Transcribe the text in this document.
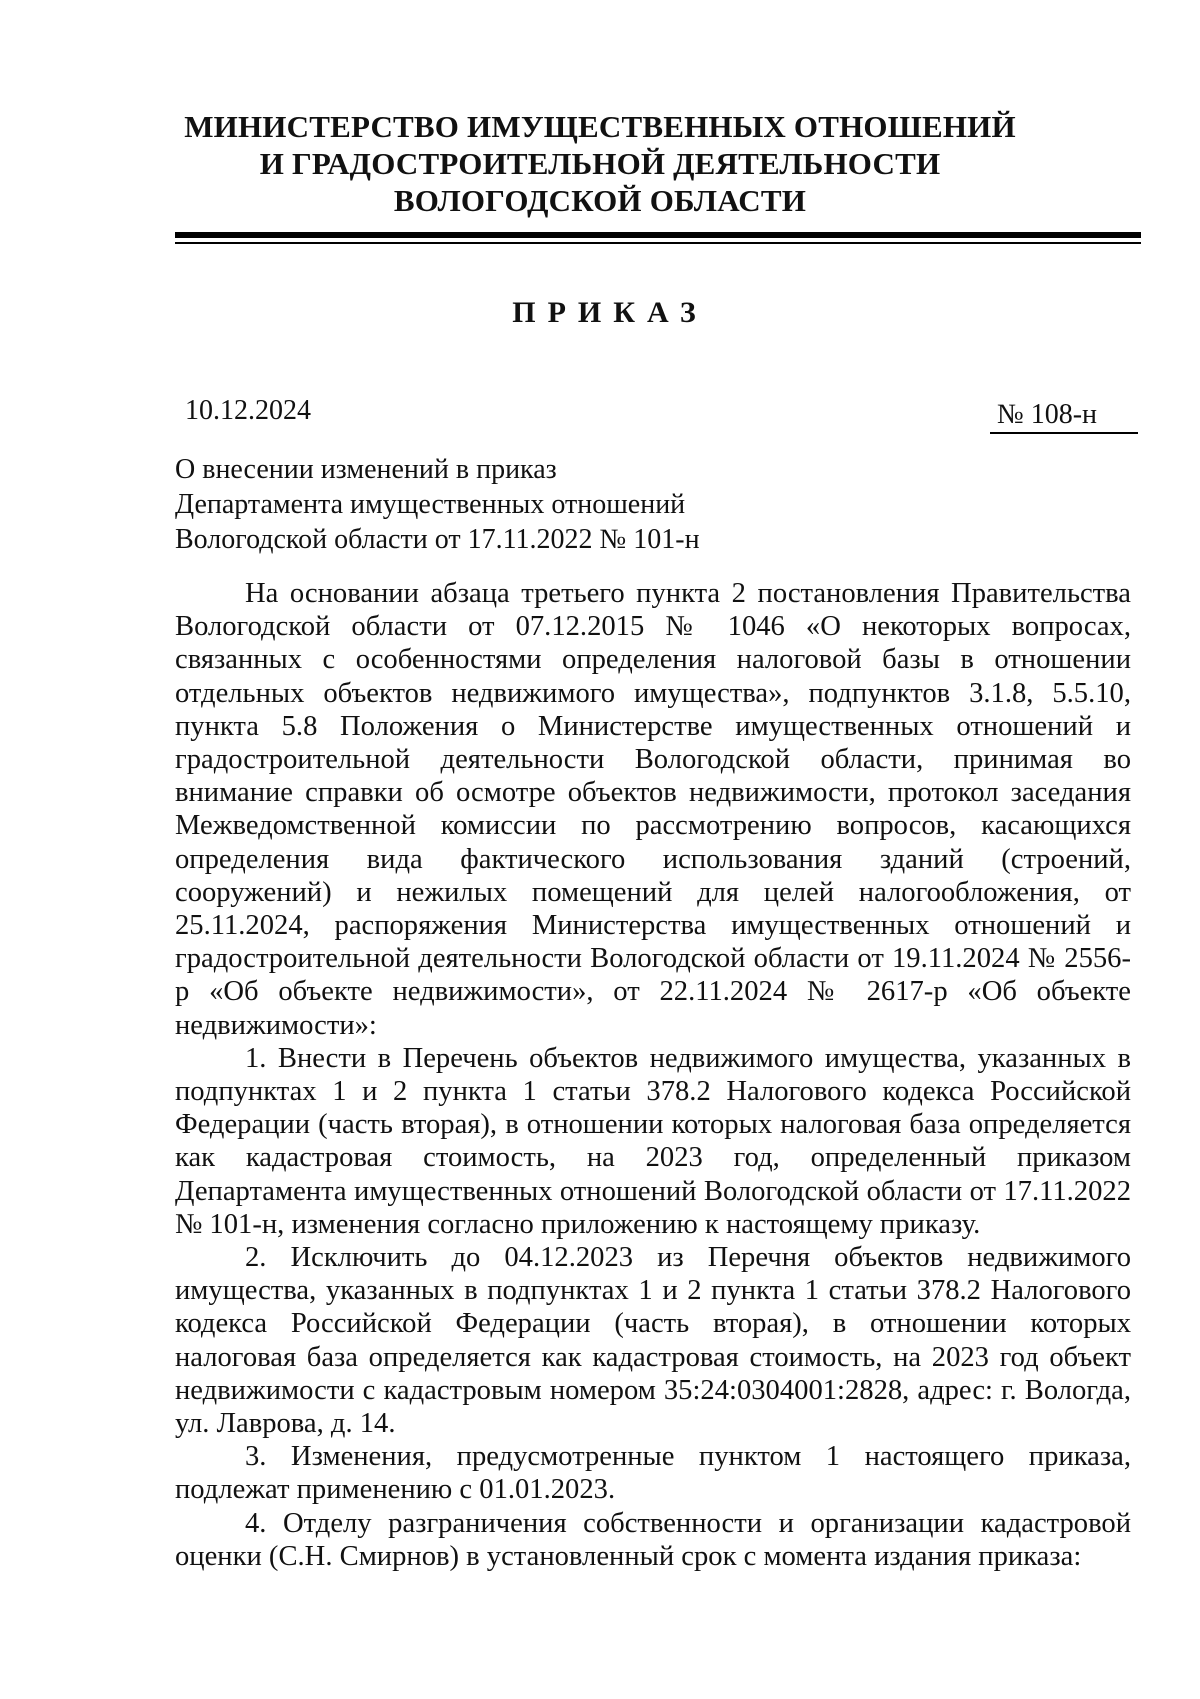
МИНИСТЕРСТВО ИМУЩЕСТВЕННЫХ ОТНОШЕНИЙ
И ГРАДОСТРОИТЕЛЬНОЙ ДЕЯТЕЛЬНОСТИ
ВОЛОГОДСКОЙ ОБЛАСТИ
ПРИКАЗ
10.12.2024	№ 108-н
О внесении изменений в приказ
Департамента имущественных отношений
Вологодской области от 17.11.2022 № 101-н

На основании абзаца третьего пункта 2 постановления Правительства Вологодской области от 07.12.2015 № 1046 «О некоторых вопросах, связанных с особенностями определения налоговой базы в отношении отдельных объектов недвижимого имущества», подпунктов 3.1.8, 5.5.10, пункта 5.8 Положения о Министерстве имущественных отношений и градостроительной деятельности Вологодской области, принимая во внимание справки об осмотре объектов недвижимости, протокол заседания Межведомственной комиссии по рассмотрению вопросов, касающихся определения вида фактического использования зданий (строений, сооружений) и нежилых помещений для целей налогообложения, от 25.11.2024, распоряжения Министерства имущественных отношений и градостроительной деятельности Вологодской области от 19.11.2024 № 2556-р «Об объекте недвижимости», от 22.11.2024 № 2617-р «Об объекте недвижимости»:

1. Внести в Перечень объектов недвижимого имущества, указанных в подпунктах 1 и 2 пункта 1 статьи 378.2 Налогового кодекса Российской Федерации (часть вторая), в отношении которых налоговая база определяется как кадастровая стоимость, на 2023 год, определенный приказом Департамента имущественных отношений Вологодской области от 17.11.2022 № 101-н, изменения согласно приложению к настоящему приказу.

2. Исключить до 04.12.2023 из Перечня объектов недвижимого имущества, указанных в подпунктах 1 и 2 пункта 1 статьи 378.2 Налогового кодекса Российской Федерации (часть вторая), в отношении которых налоговая база определяется как кадастровая стоимость, на 2023 год объект недвижимости с кадастровым номером 35:24:0304001:2828, адрес: г. Вологда, ул. Лаврова, д. 14.

3. Изменения, предусмотренные пунктом 1 настоящего приказа, подлежат применению с 01.01.2023.

4. Отделу разграничения собственности и организации кадастровой оценки (С.Н. Смирнов) в установленный срок с момента издания приказа:
